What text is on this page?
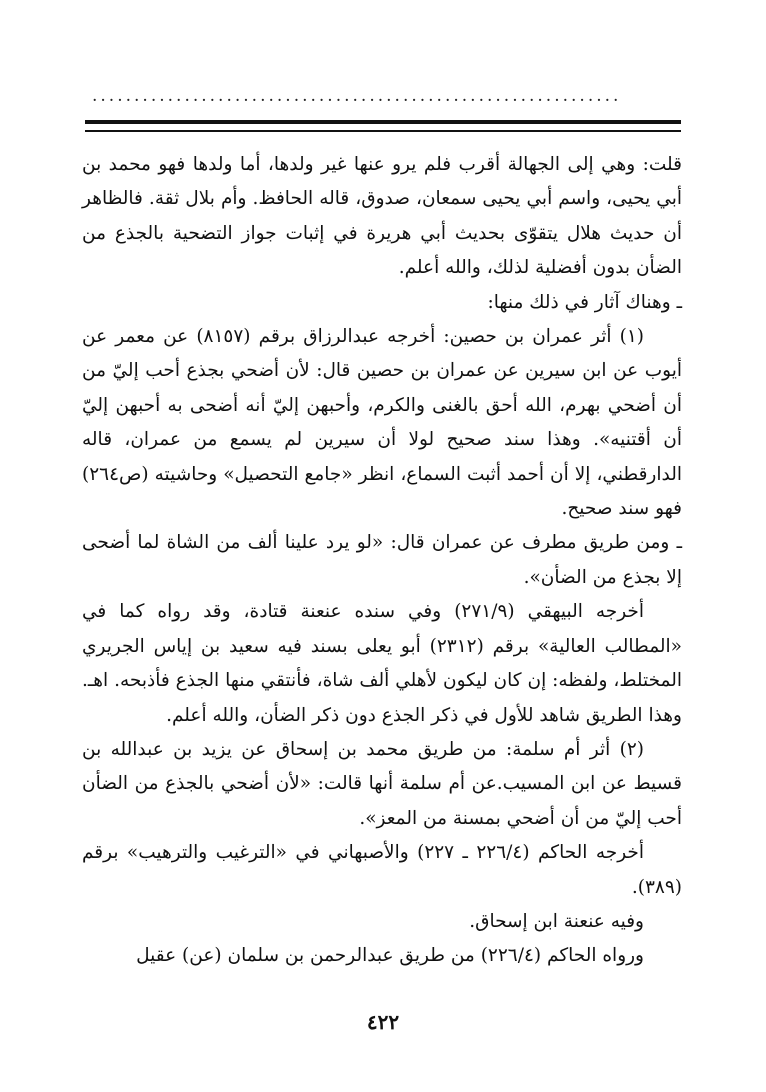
...............................................................

قلت: وهي إلى الجهالة أقرب فلم يرو عنها غير ولدها، أما ولدها فهو محمد بن أبي يحيى، واسم أبي يحيى سمعان، صدوق، قاله الحافظ. وأم بلال ثقة. فالظاهر أن حديث هلال يتقوّى بحديث أبي هريرة في إثبات جواز التضحية بالجذع من الضأن بدون أفضلية لذلك، والله أعلم.

ـ وهناك آثار في ذلك منها:

(١) أثر عمران بن حصين: أخرجه عبدالرزاق برقم (٨١٥٧) عن معمر عن أيوب عن ابن سيرين عن عمران بن حصين قال: لأن أضحي بجذع أحب إليّ من أن أضحي بهرم، الله أحق بالغنى والكرم، وأحبهن إليّ أنه أضحى به أحبهن إليّ أن أقتنيه». وهذا سند صحيح لولا أن سيرين لم يسمع من عمران، قاله الدارقطني، إلا أن أحمد أثبت السماع، انظر «جامع التحصيل» وحاشيته (ص٢٦٤) فهو سند صحيح.

ـ ومن طريق مطرف عن عمران قال: «لو يرد علينا ألف من الشاة لما أضحى إلا بجذع من الضأن».

أخرجه البيهقي (٢٧١/٩) وفي سنده عنعنة قتادة، وقد رواه كما في «المطالب العالية» برقم (٢٣١٢) أبو يعلى بسند فيه سعيد بن إياس الجريري المختلط، ولفظه: إن كان ليكون لأهلي ألف شاة، فأنتقي منها الجذع فأذبحه. اهـ. وهذا الطريق شاهد للأول في ذكر الجذع دون ذكر الضأن، والله أعلم.

(٢) أثر أم سلمة: من طريق محمد بن إسحاق عن يزيد بن عبدالله بن قسيط عن ابن المسيب.عن أم سلمة أنها قالت: «لأن أضحي بالجذع من الضأن أحب إليّ من أن أضحي بمسنة من المعز».

أخرجه الحاكم (٢٢٦/٤ ـ ٢٢٧) والأصبهاني في «الترغيب والترهيب» برقم (٣٨٩).

وفيه عنعنة ابن إسحاق.

ورواه الحاكم (٢٢٦/٤) من طريق عبدالرحمن بن سلمان (عن) عقيل

٤٢٢
